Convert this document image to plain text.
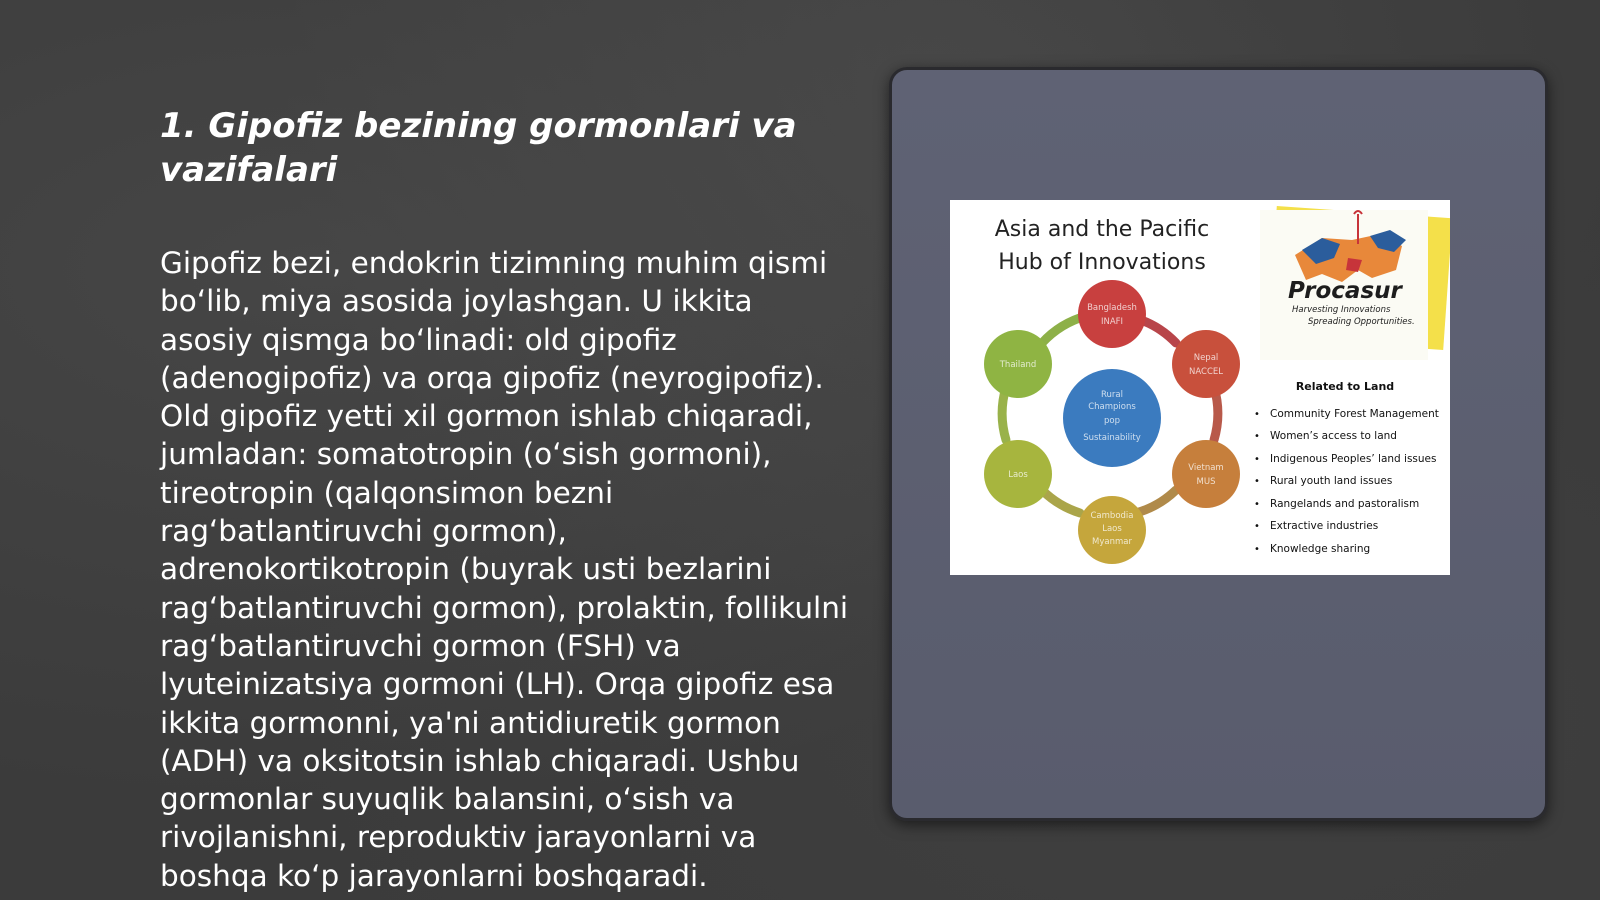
1. Gipofiz bezining gormonlari va vazifalari

Gipofiz bezi, endokrin tizimning muhim qismi bo‘lib, miya asosida joylashgan. U ikkita asosiy qismga bo‘linadi: old gipofiz (adenogipofiz) va orqa gipofiz (neyrogipofiz). Old gipofiz yetti xil gormon ishlab chiqaradi, jumladan: somatotropin (o‘sish gormoni), tireotropin (qalqonsimon bezni rag‘batlantiruvchi gormon), adrenokortikotropin (buyrak usti bezlarini rag‘batlantiruvchi gormon), prolaktin, follikulni rag‘batlantiruvchi gormon (FSH) va lyuteinizatsiya gormoni (LH). Orqa gipofiz esa ikkita gormonni, ya'ni antidiuretik gormon (ADH) va oksitotsin ishlab chiqaradi. Ushbu gormonlar suyuqlik balansini, o‘sish va rivojlanishni, reproduktiv jarayonlarni va boshqa ko‘p jarayonlarni boshqaradi.

Asia and the Pacific
Hub of Innovations
Rural
Champions
pop
Sustainability
Bangladesh
INAFI
Nepal
NACCEL
Vietnam
MUS
Cambodia
Laos
Myanmar
Laos
Thailand
Procasur
Harvesting Innovations
Spreading Opportunities.
Related to Land
• Community Forest Management
• Women’s access to land
• Indigenous Peoples’ land issues
• Rural youth land issues
• Rangelands and pastoralism
• Extractive industries
• Knowledge sharing
